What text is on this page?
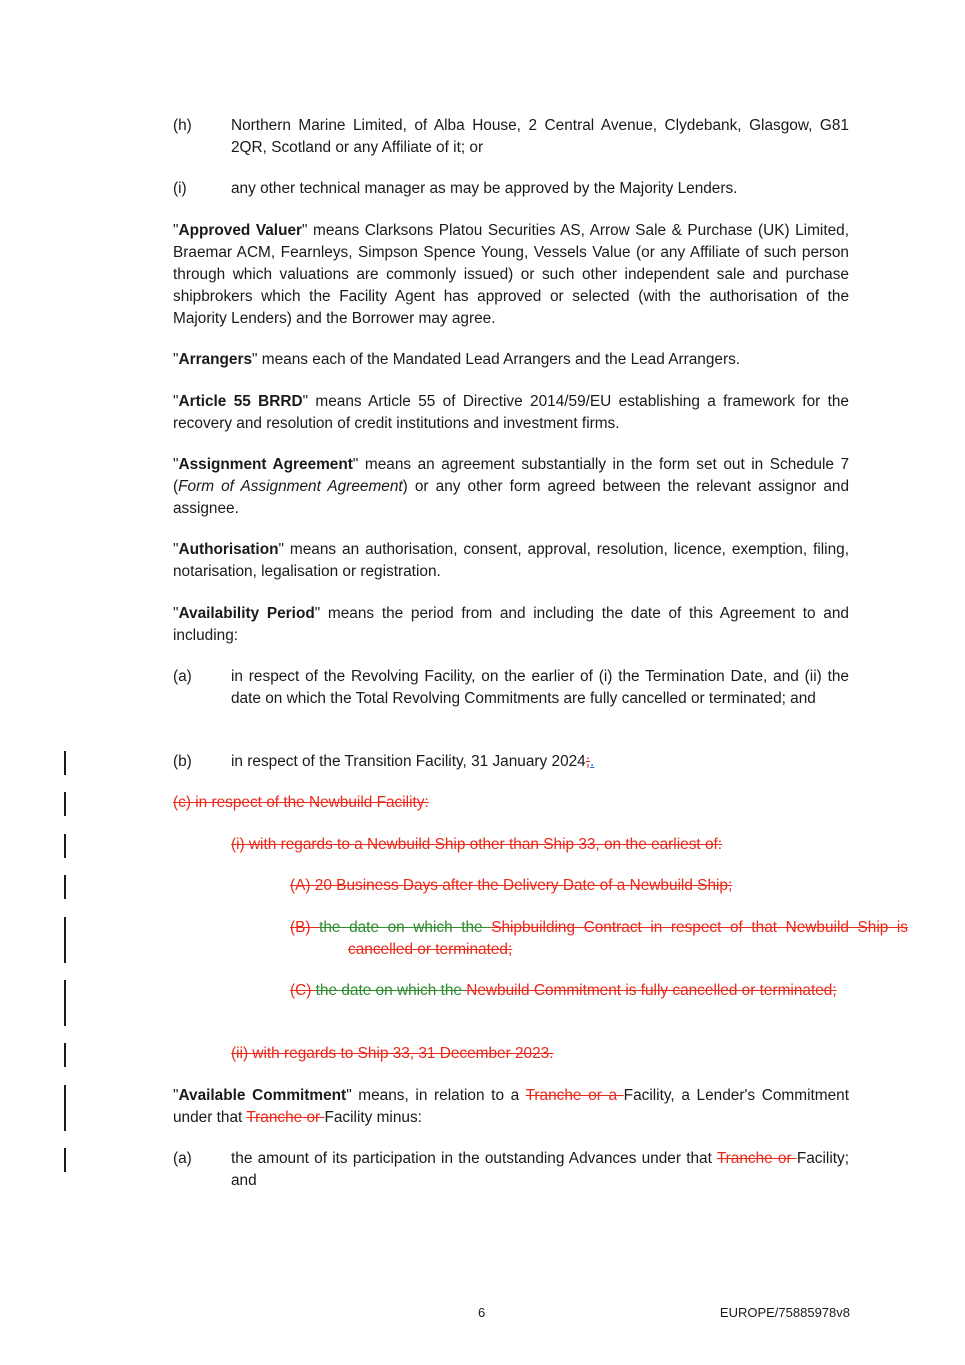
(h)	Northern Marine Limited, of Alba House, 2 Central Avenue, Clydebank, Glasgow, G81 2QR, Scotland or any Affiliate of it; or
(i)	any other technical manager as may be approved by the Majority Lenders.

"Approved Valuer" means Clarksons Platou Securities AS, Arrow Sale & Purchase (UK) Limited, Braemar ACM, Fearnleys, Simpson Spence Young, Vessels Value (or any Affiliate of such person through which valuations are commonly issued) or such other independent sale and purchase shipbrokers which the Facility Agent has approved or selected (with the authorisation of the Majority Lenders) and the Borrower may agree.

"Arrangers" means each of the Mandated Lead Arrangers and the Lead Arrangers.

"Article 55 BRRD" means Article 55 of Directive 2014/59/EU establishing a framework for the recovery and resolution of credit institutions and investment firms.

"Assignment Agreement" means an agreement substantially in the form set out in Schedule 7 (Form of Assignment Agreement) or any other form agreed between the relevant assignor and assignee.

"Authorisation" means an authorisation, consent, approval, resolution, licence, exemption, filing, notarisation, legalisation or registration.

"Availability Period" means the period from and including the date of this Agreement to and including:

(a)	in respect of the Revolving Facility, on the earlier of (i) the Termination Date, and (ii) the date on which the Total Revolving Commitments are fully cancelled or terminated; and
(b)	in respect of the Transition Facility, 31 January 2024;.

(c) in respect of the Newbuild Facility:

(i) with regards to a Newbuild Ship other than Ship 33, on the earliest of:

(A) 20 Business Days after the Delivery Date of a Newbuild Ship;

(B) the date on which the Shipbuilding Contract in respect of that Newbuild Ship is cancelled or terminated;

(C) the date on which the Newbuild Commitment is fully cancelled or terminated;

(ii) with regards to Ship 33, 31 December 2023.

"Available Commitment" means, in relation to a Tranche or a Facility, a Lender's Commitment under that Tranche or Facility minus:

(a)	the amount of its participation in the outstanding Advances under that Tranche or Facility; and
6	EUROPE/75885978v8
